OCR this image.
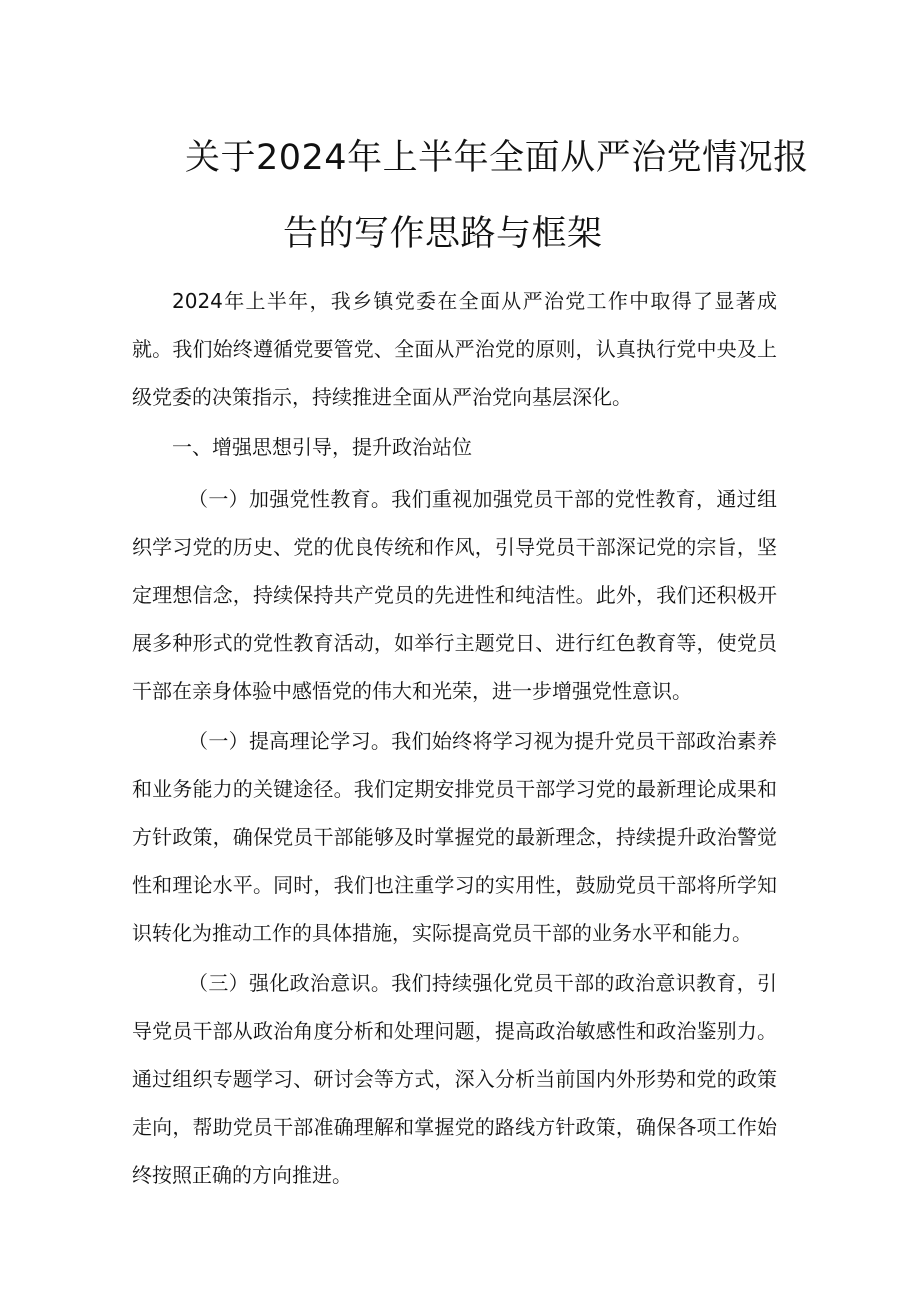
关于2024年上半年全面从严治党情况报
告的写作思路与框架

2024年上半年，我乡镇党委在全面从严治党工作中取得了显著成就。我们始终遵循党要管党、全面从严治党的原则，认真执行党中央及上级党委的决策指示，持续推进全面从严治党向基层深化。

一、增强思想引导，提升政治站位

（一）加强党性教育。我们重视加强党员干部的党性教育，通过组织学习党的历史、党的优良传统和作风，引导党员干部深记党的宗旨，坚定理想信念，持续保持共产党员的先进性和纯洁性。此外，我们还积极开展多种形式的党性教育活动，如举行主题党日、进行红色教育等，使党员干部在亲身体验中感悟党的伟大和光荣，进一步增强党性意识。

（一）提高理论学习。我们始终将学习视为提升党员干部政治素养和业务能力的关键途径。我们定期安排党员干部学习党的最新理论成果和方针政策，确保党员干部能够及时掌握党的最新理念，持续提升政治警觉性和理论水平。同时，我们也注重学习的实用性，鼓励党员干部将所学知识转化为推动工作的具体措施，实际提高党员干部的业务水平和能力。

（三）强化政治意识。我们持续强化党员干部的政治意识教育，引导党员干部从政治角度分析和处理问题，提高政治敏感性和政治鉴别力。通过组织专题学习、研讨会等方式，深入分析当前国内外形势和党的政策走向，帮助党员干部准确理解和掌握党的路线方针政策，确保各项工作始终按照正确的方向推进。
